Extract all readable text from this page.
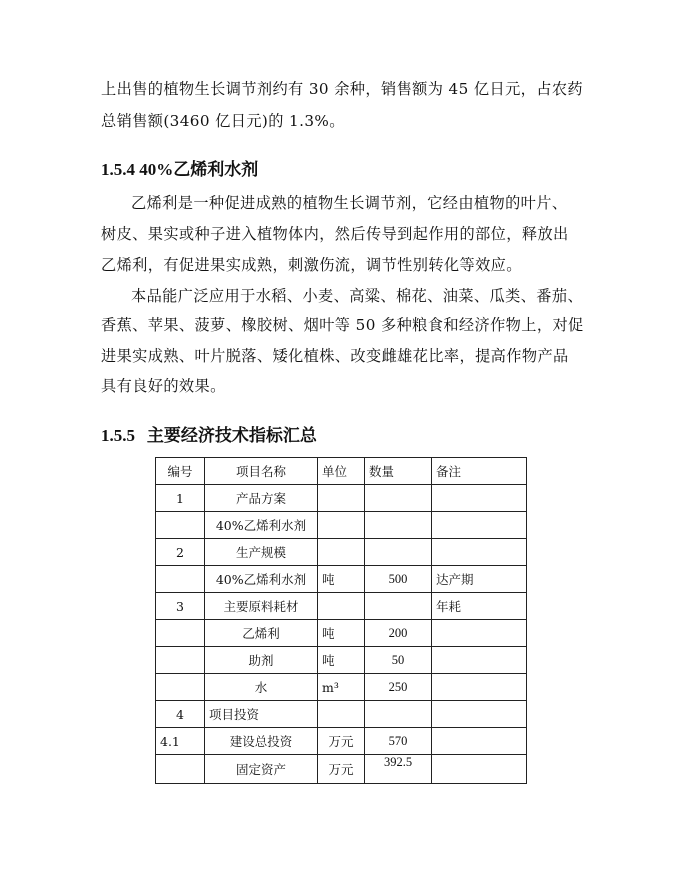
上出售的植物生长调节剂约有 30 余种，销售额为 45 亿日元，占农药

总销售额(3460 亿日元)的 1.3%。

1.5.4 40%乙烯利水剂

乙烯利是一种促进成熟的植物生长调节剂，它经由植物的叶片、

树皮、果实或种子进入植物体内，然后传导到起作用的部位，释放出

乙烯利，有促进果实成熟，刺激伤流，调节性别转化等效应。

本品能广泛应用于水稻、小麦、高粱、棉花、油菜、瓜类、番茄、

香蕉、苹果、菠萝、橡胶树、烟叶等 50 多种粮食和经济作物上，对促

进果实成熟、叶片脱落、矮化植株、改变雌雄花比率，提高作物产品

具有良好的效果。

1.5.5 主要经济技术指标汇总
编号	项目名称	单位	数量	备注
1	产品方案			
	40%乙烯利水剂			
2	生产规模			
	40%乙烯利水剂	吨	500	达产期
3	主要原料耗材			年耗
	乙烯利	吨	200	
	助剂	吨	50	
	水	m³	250	
4	项目投资			
4.1	建设总投资	万元	570	
	固定资产	万元	392.5	
